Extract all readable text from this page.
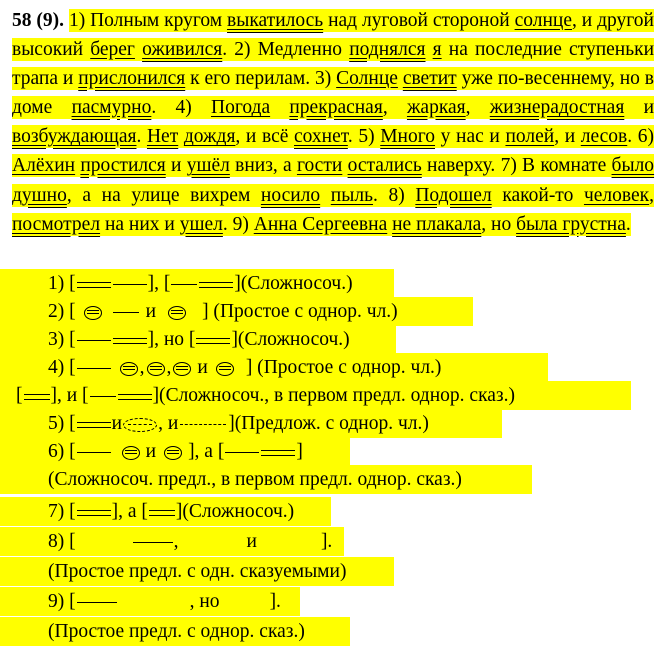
58 (9). 1) Полным кругом выкатилось над луговой стороной солнце, и другой высокий берег оживился. 2) Медленно поднялся я на последние ступеньки трапа и прислонился к его перилам. 3) Солнце светит уже по-весеннему, но в доме пасмурно. 4) Погода прекрасная, жаркая, жизнерадостная и возбуждающая. Нет дождя, и всё сохнет. 5) Много у нас и полей, и лесов. 6) Алёхин простился и ушёл вниз, а гости остались наверху. 7) В комнате было душно, а на улице вихрем носило пыль. 8) Подошел какой-то человек, посмотрел на них и ушел. 9) Анна Сергеевна не плакала, но была грустна.
1) [	], [	](Сложносоч.)
2) [	и ] (Простое с однор. чл.)
3) [	], но [ ](Сложносоч.)
4) [	, , и ] (Простое с однор. чл.)
[ ], и [	](Сложносоч., в первом предл. однор. сказ.)
5) [ и , и	](Предлож. с однор. чл.)
6) [	и ], а [	]
(Сложносоч. предл., в первом предл. однор. сказ.)
7) [ ], а [ ](Сложносоч.)
8) [	,	и	].
(Простое предл. с одн. сказуемыми)
9) [	, но	].
(Простое предл. с однор. сказ.)
